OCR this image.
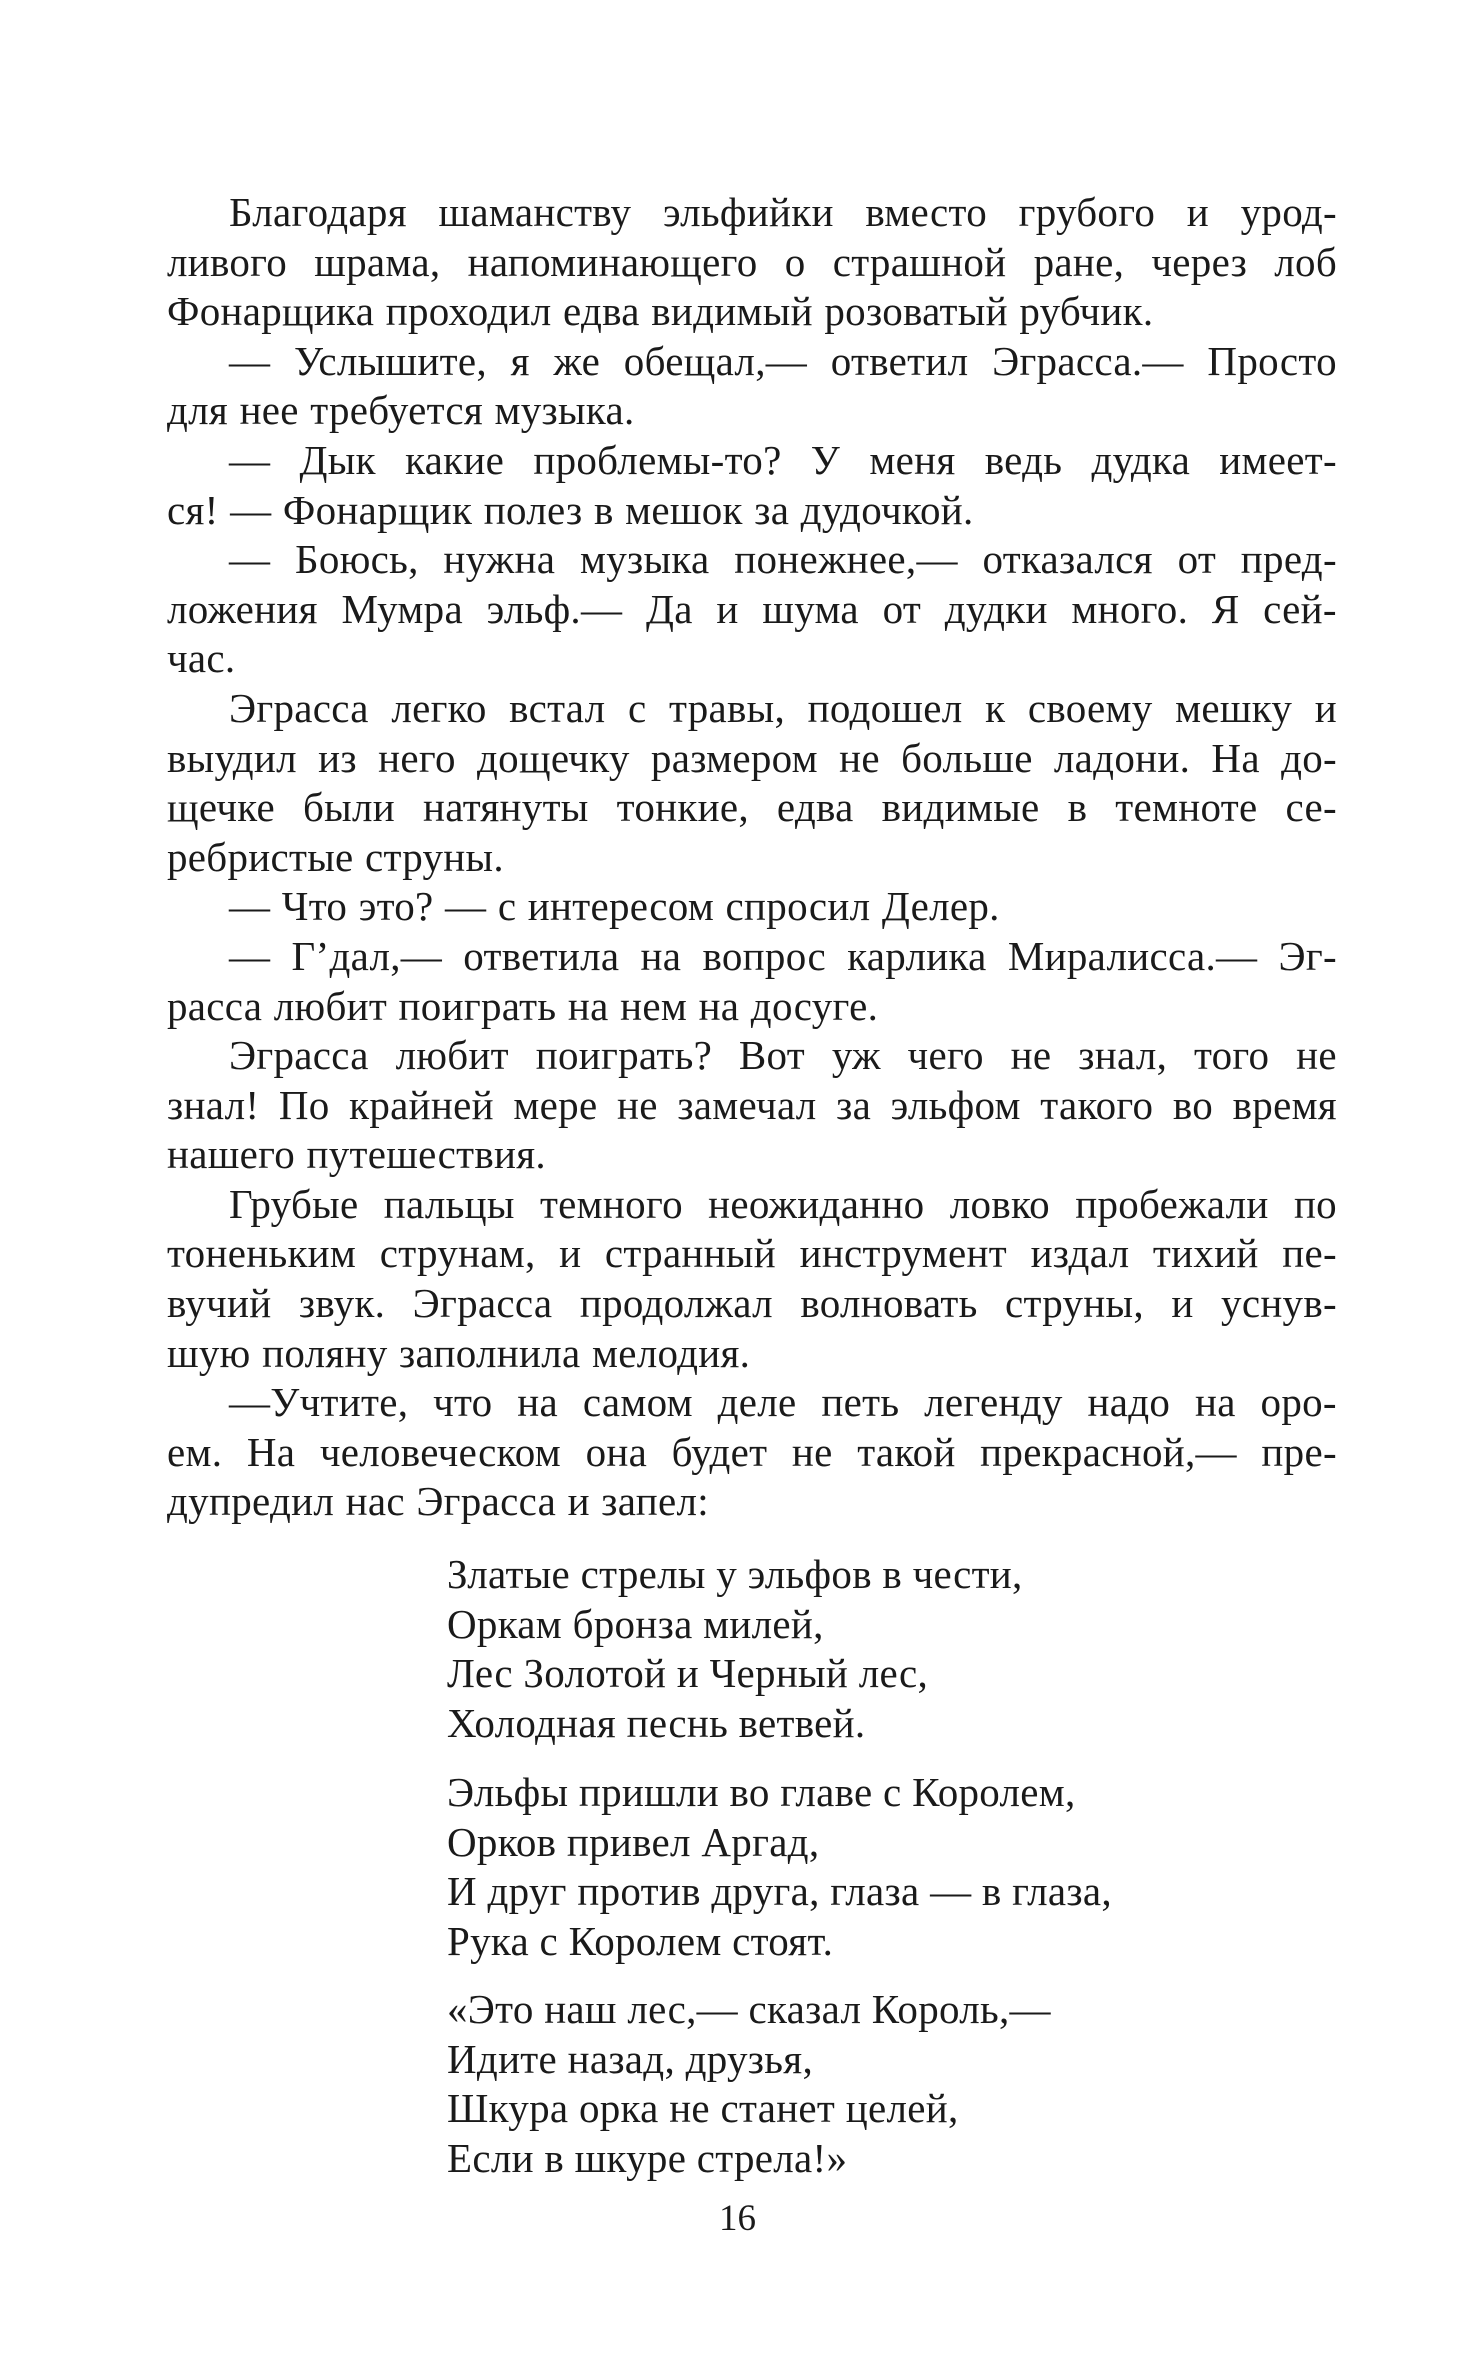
Благодаря шаманству эльфийки вместо грубого и урод-
ливого шрама, напоминающего о страшной ране, через лоб
Фонарщика проходил едва видимый розоватый рубчик.
— Услышите, я же обещал,— ответил Эграсса.— Просто
для нее требуется музыка.
— Дык какие проблемы-то? У меня ведь дудка имеет-
ся! — Фонарщик полез в мешок за дудочкой.
— Боюсь, нужна музыка понежнее,— отказался от пред-
ложения Мумра эльф.— Да и шума от дудки много. Я сей-
час.
Эграсса легко встал с травы, подошел к своему мешку и
выудил из него дощечку размером не больше ладони. На до-
щечке были натянуты тонкие, едва видимые в темноте се-
ребристые струны.
— Что это? — с интересом спросил Делер.
— Г’дал,— ответила на вопрос карлика Миралисса.— Эг-
расса любит поиграть на нем на досуге.
Эграсса любит поиграть? Вот уж чего не знал, того не
знал! По крайней мере не замечал за эльфом такого во время
нашего путешествия.
Грубые пальцы темного неожиданно ловко пробежали по
тоненьким струнам, и странный инструмент издал тихий пе-
вучий звук. Эграсса продолжал волновать струны, и уснув-
шую поляну заполнила мелодия.
—Учтите, что на самом деле петь легенду надо на оро-
ем. На человеческом она будет не такой прекрасной,— пре-
дупредил нас Эграсса и запел:
Златые стрелы у эльфов в чести,
Оркам бронза милей,
Лес Золотой и Черный лес,
Холодная песнь ветвей.
Эльфы пришли во главе с Королем,
Орков привел Аргад,
И друг против друга, глаза — в глаза,
Рука с Королем стоят.
«Это наш лес,— сказал Король,—
Идите назад, друзья,
Шкура орка не станет целей,
Если в шкуре стрела!»
16
